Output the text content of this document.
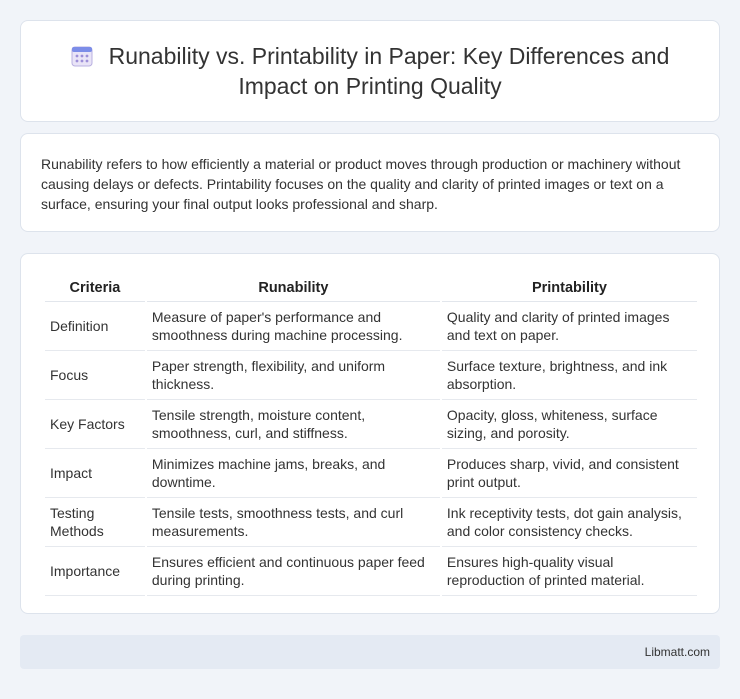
Runability vs. Printability in Paper: Key Differences and Impact on Printing Quality

Runability refers to how efficiently a material or product moves through production or machinery without causing delays or defects. Printability focuses on the quality and clarity of printed images or text on a surface, ensuring your final output looks professional and sharp.

Criteria	Runability	Printability
Definition	Measure of paper's performance and smoothness during machine processing.	Quality and clarity of printed images and text on paper.
Focus	Paper strength, flexibility, and uniform thickness.	Surface texture, brightness, and ink absorption.
Key Factors	Tensile strength, moisture content, smoothness, curl, and stiffness.	Opacity, gloss, whiteness, surface sizing, and porosity.
Impact	Minimizes machine jams, breaks, and downtime.	Produces sharp, vivid, and consistent print output.
Testing Methods	Tensile tests, smoothness tests, and curl measurements.	Ink receptivity tests, dot gain analysis, and color consistency checks.
Importance	Ensures efficient and continuous paper feed during printing.	Ensures high-quality visual reproduction of printed material.
Libmatt.com
